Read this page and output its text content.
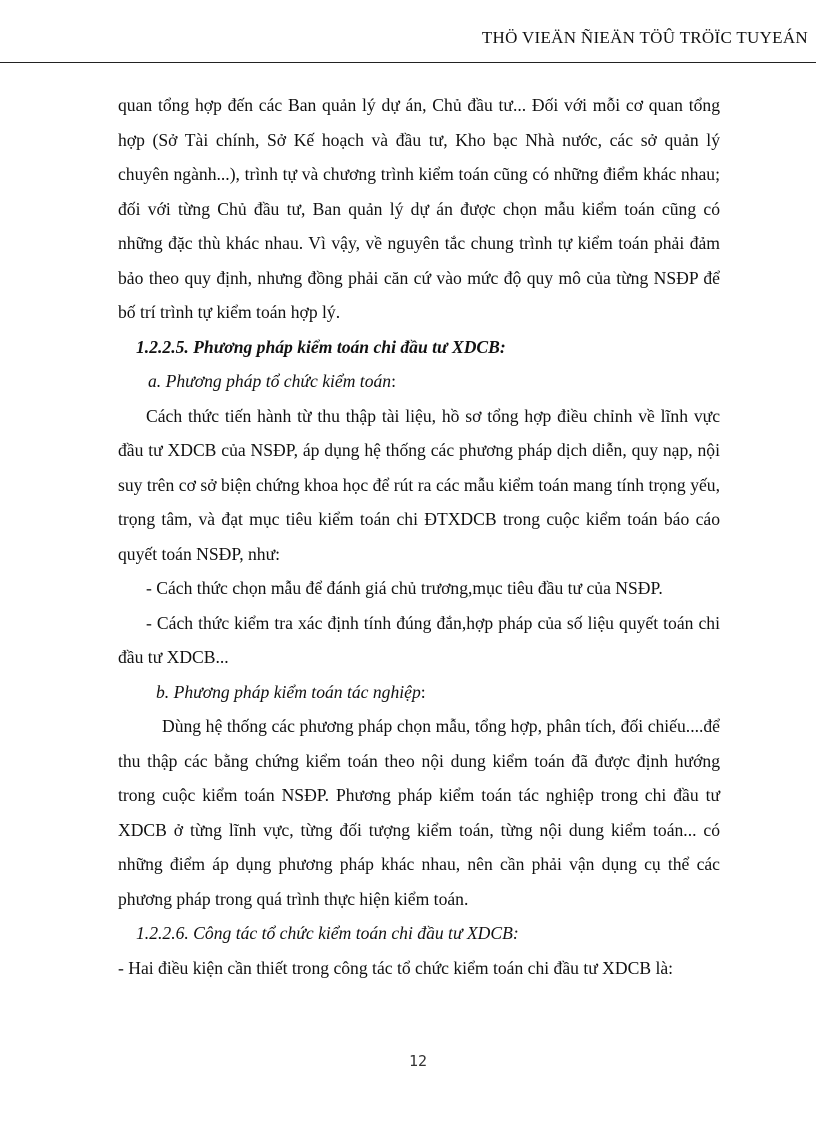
THÖ VIEÄN ÑIEÄN TÖÛ TRÖÏC TUYEÁN

quan tổng hợp đến các Ban quản lý dự án, Chủ đầu tư... Đối với mỗi cơ quan tổng hợp (Sở Tài chính, Sở Kế hoạch và đầu tư, Kho bạc Nhà nước, các sở quản lý chuyên ngành...), trình tự và chương trình kiểm toán cũng có những điểm khác nhau; đối với từng Chủ đầu tư, Ban quản lý dự án được chọn mẫu kiểm toán cũng có những đặc thù khác nhau. Vì vậy, về nguyên tắc chung trình tự kiểm toán phải đảm bảo theo quy định, nhưng đồng phải căn cứ vào mức độ quy mô của từng NSĐP để bố trí trình tự kiểm toán hợp lý.

1.2.2.5. Phương pháp kiểm toán chi đầu tư XDCB:

a. Phương pháp tổ chức kiểm toán:

Cách thức tiến hành từ thu thập tài liệu, hồ sơ tổng hợp điều chỉnh về lĩnh vực đầu tư XDCB của NSĐP, áp dụng hệ thống các phương pháp dịch diễn, quy nạp, nội suy trên cơ sở biện chứng khoa học để rút ra các mẫu kiểm toán mang tính trọng yếu, trọng tâm, và đạt mục tiêu kiểm toán chi ĐTXDCB trong cuộc kiểm toán báo cáo quyết toán NSĐP, như:

- Cách thức chọn mẫu để đánh giá chủ trương,mục tiêu đầu tư của NSĐP.

- Cách thức kiểm tra xác định tính đúng đắn,hợp pháp của số liệu quyết toán chi đầu tư XDCB...

b. Phương pháp kiểm toán tác nghiệp:

Dùng hệ thống các phương pháp chọn mẫu, tổng hợp, phân tích, đối chiếu....để thu thập các bằng chứng kiểm toán theo nội dung kiểm toán đã được định hướng trong cuộc kiểm toán NSĐP. Phương pháp kiểm toán tác nghiệp trong chi đầu tư XDCB ở từng lĩnh vực, từng đối tượng kiểm toán, từng nội dung kiểm toán... có những điểm áp dụng phương pháp khác nhau, nên cần phải vận dụng cụ thể các phương pháp trong quá trình thực hiện kiểm toán.

1.2.2.6. Công tác tổ chức kiểm toán chi đầu tư XDCB:

- Hai điều kiện cần thiết trong công tác tổ chức kiểm toán chi đầu tư XDCB là:

12
